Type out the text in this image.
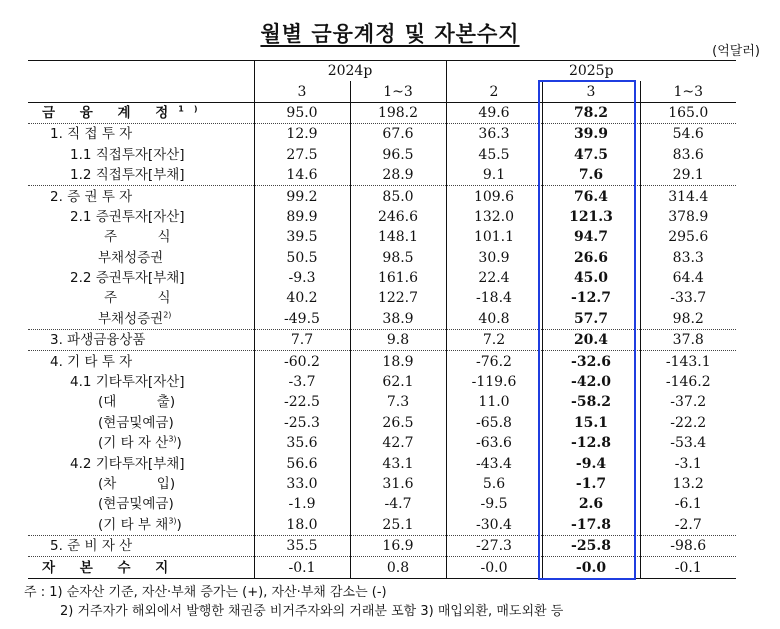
월별 금융계정 및 자본수지
(억달러)
	2024p		2025p		
	3	1~3	2	3	1~3
금 융 계 정$^{1)}$	95.0	198.2	49.6	78.2	165.0
1. 직 접 투 자	12.9	67.6	36.3	39.9	54.6
1.1 직접투자[자산]	27.5	96.5	45.5	47.5	83.6
1.2 직접투자[부채]	14.6	28.9	9.1	7.6	29.1
2. 증 권 투 자	99.2	85.0	109.6	76.4	314.4
2.1 증권투자[자산]	89.9	246.6	132.0	121.3	378.9
주　　　식	39.5	148.1	101.1	94.7	295.6
부채성증권	50.5	98.5	30.9	26.6	83.3
2.2 증권투자[부채]	-9.3	161.6	22.4	45.0	64.4
주　　　식	40.2	122.7	-18.4	-12.7	-33.7
부채성증권$^{2)}$	-49.5	38.9	40.8	57.7	98.2
3. 파생금융상품	7.7	9.8	7.2	20.4	37.8
4. 기 타 투 자	-60.2	18.9	-76.2	-32.6	-143.1
4.1 기타투자[자산]	-3.7	62.1	-119.6	-42.0	-146.2
(대　　　출)	-22.5	7.3	11.0	-58.2	-37.2
(현금및예금)	-25.3	26.5	-65.8	15.1	-22.2
(기 타 자 산$^{3)}$)	35.6	42.7	-63.6	-12.8	-53.4
4.2 기타투자[부채]	56.6	43.1	-43.4	-9.4	-3.1
(차　　　입)	33.0	31.6	5.6	-1.7	13.2
(현금및예금)	-1.9	-4.7	-9.5	2.6	-6.1
(기 타 부 채$^{3)}$)	18.0	25.1	-30.4	-17.8	-2.7
5. 준 비 자 산	35.5	16.9	-27.3	-25.8	-98.6
자 본 수 지	-0.1	0.8	-0.0	-0.0	-0.1
주 : 1) 순자산 기준, 자산·부채 증가는 (+), 자산·부채 감소는 (-)
2) 거주자가 해외에서 발행한 채권중 비거주자와의 거래분 포함 3) 매입외환, 매도외환 등
